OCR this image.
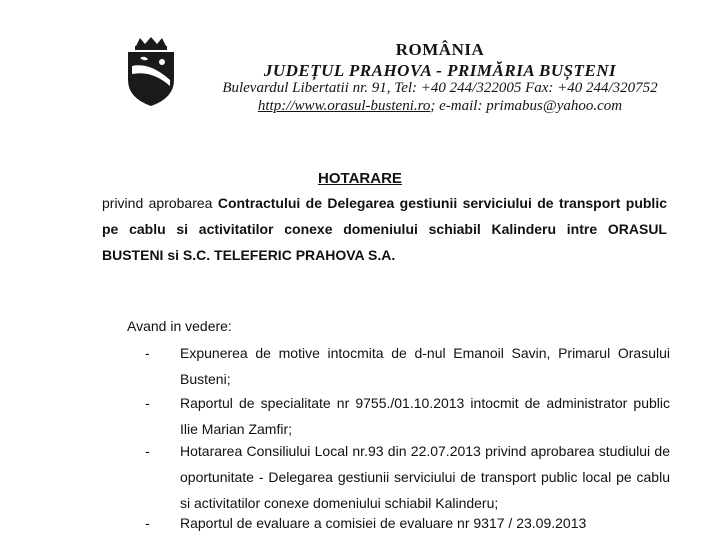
ROMÂNIA
JUDEȚUL PRAHOVA - PRIMĂRIA BUȘTENI
Bulevardul Libertatii nr. 91, Tel: +40 244/322005 Fax: +40 244/320752
http://www.orasul-busteni.ro; e-mail: primabus@yahoo.com
HOTARARE
privind aprobarea Contractului de Delegarea gestiunii serviciului de transport public
pe cablu si activitatilor conexe domeniului schiabil Kalinderu intre ORASUL
BUSTENI si S.C. TELEFERIC PRAHOVA S.A.
Avand in vedere:
- Expunerea de motive intocmita de d-nul Emanoil Savin, Primarul Orasului Busteni;
- Raportul de specialitate nr 9755./01.10.2013 intocmit de administrator public Ilie Marian Zamfir;
- Hotararea Consiliului Local nr.93 din 22.07.2013 privind aprobarea studiului de oportunitate - Delegarea gestiunii serviciului de transport public local pe cablu si activitatilor conexe domeniului schiabil Kalinderu;
- Raportul de evaluare a comisiei de evaluare nr 9317 / 23.09.2013
